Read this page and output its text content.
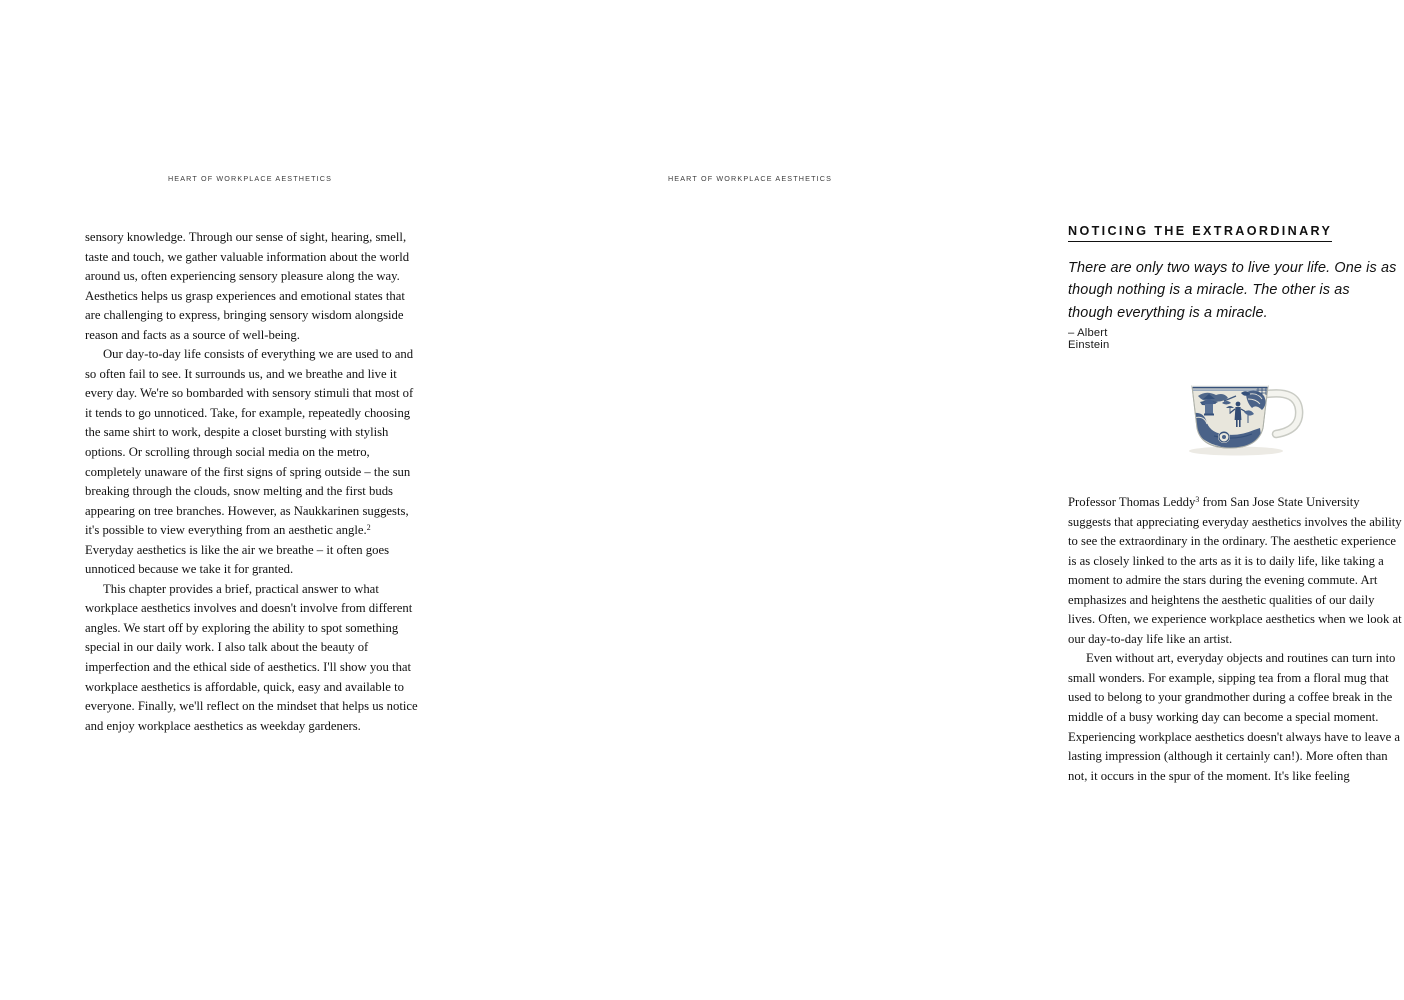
HEART OF WORKPLACE AESTHETICS

sensory knowledge. Through our sense of sight, hearing, smell, taste and touch, we gather valuable information about the world around us, often experiencing sensory pleasure along the way. Aesthetics helps us grasp experiences and emotional states that are challenging to express, bringing sensory wisdom alongside reason and facts as a source of well-being.

Our day-to-day life consists of everything we are used to and so often fail to see. It surrounds us, and we breathe and live it every day. We're so bombarded with sensory stimuli that most of it tends to go unnoticed. Take, for example, repeatedly choosing the same shirt to work, despite a closet bursting with stylish options. Or scrolling through social media on the metro, completely unaware of the first signs of spring outside – the sun breaking through the clouds, snow melting and the first buds appearing on tree branches. However, as Naukkarinen suggests, it's possible to view everything from an aesthetic angle.$^2$ Everyday aesthetics is like the air we breathe – it often goes unnoticed because we take it for granted.

This chapter provides a brief, practical answer to what workplace aesthetics involves and doesn't involve from different angles. We start off by exploring the ability to spot something special in our daily work. I also talk about the beauty of imperfection and the ethical side of aesthetics. I'll show you that workplace aesthetics is affordable, quick, easy and available to everyone. Finally, we'll reflect on the mindset that helps us notice and enjoy workplace aesthetics as weekday gardeners.

HEART OF WORKPLACE AESTHETICS
NOTICING THE EXTRAORDINARY
There are only two ways to live your life. One is as though nothing is a miracle. The other is as though everything is a miracle.
– Albert Einstein

Professor Thomas Leddy$^3$ from San Jose State University suggests that appreciating everyday aesthetics involves the ability to see the extraordinary in the ordinary. The aesthetic experience is as closely linked to the arts as it is to daily life, like taking a moment to admire the stars during the evening commute. Art emphasizes and heightens the aesthetic qualities of our daily lives. Often, we experience workplace aesthetics when we look at our day-to-day life like an artist.

Even without art, everyday objects and routines can turn into small wonders. For example, sipping tea from a floral mug that used to belong to your grandmother during a coffee break in the middle of a busy working day can become a special moment. Experiencing workplace aesthetics doesn't always have to leave a lasting impression (although it certainly can!). More often than not, it occurs in the spur of the moment. It's like feeling
